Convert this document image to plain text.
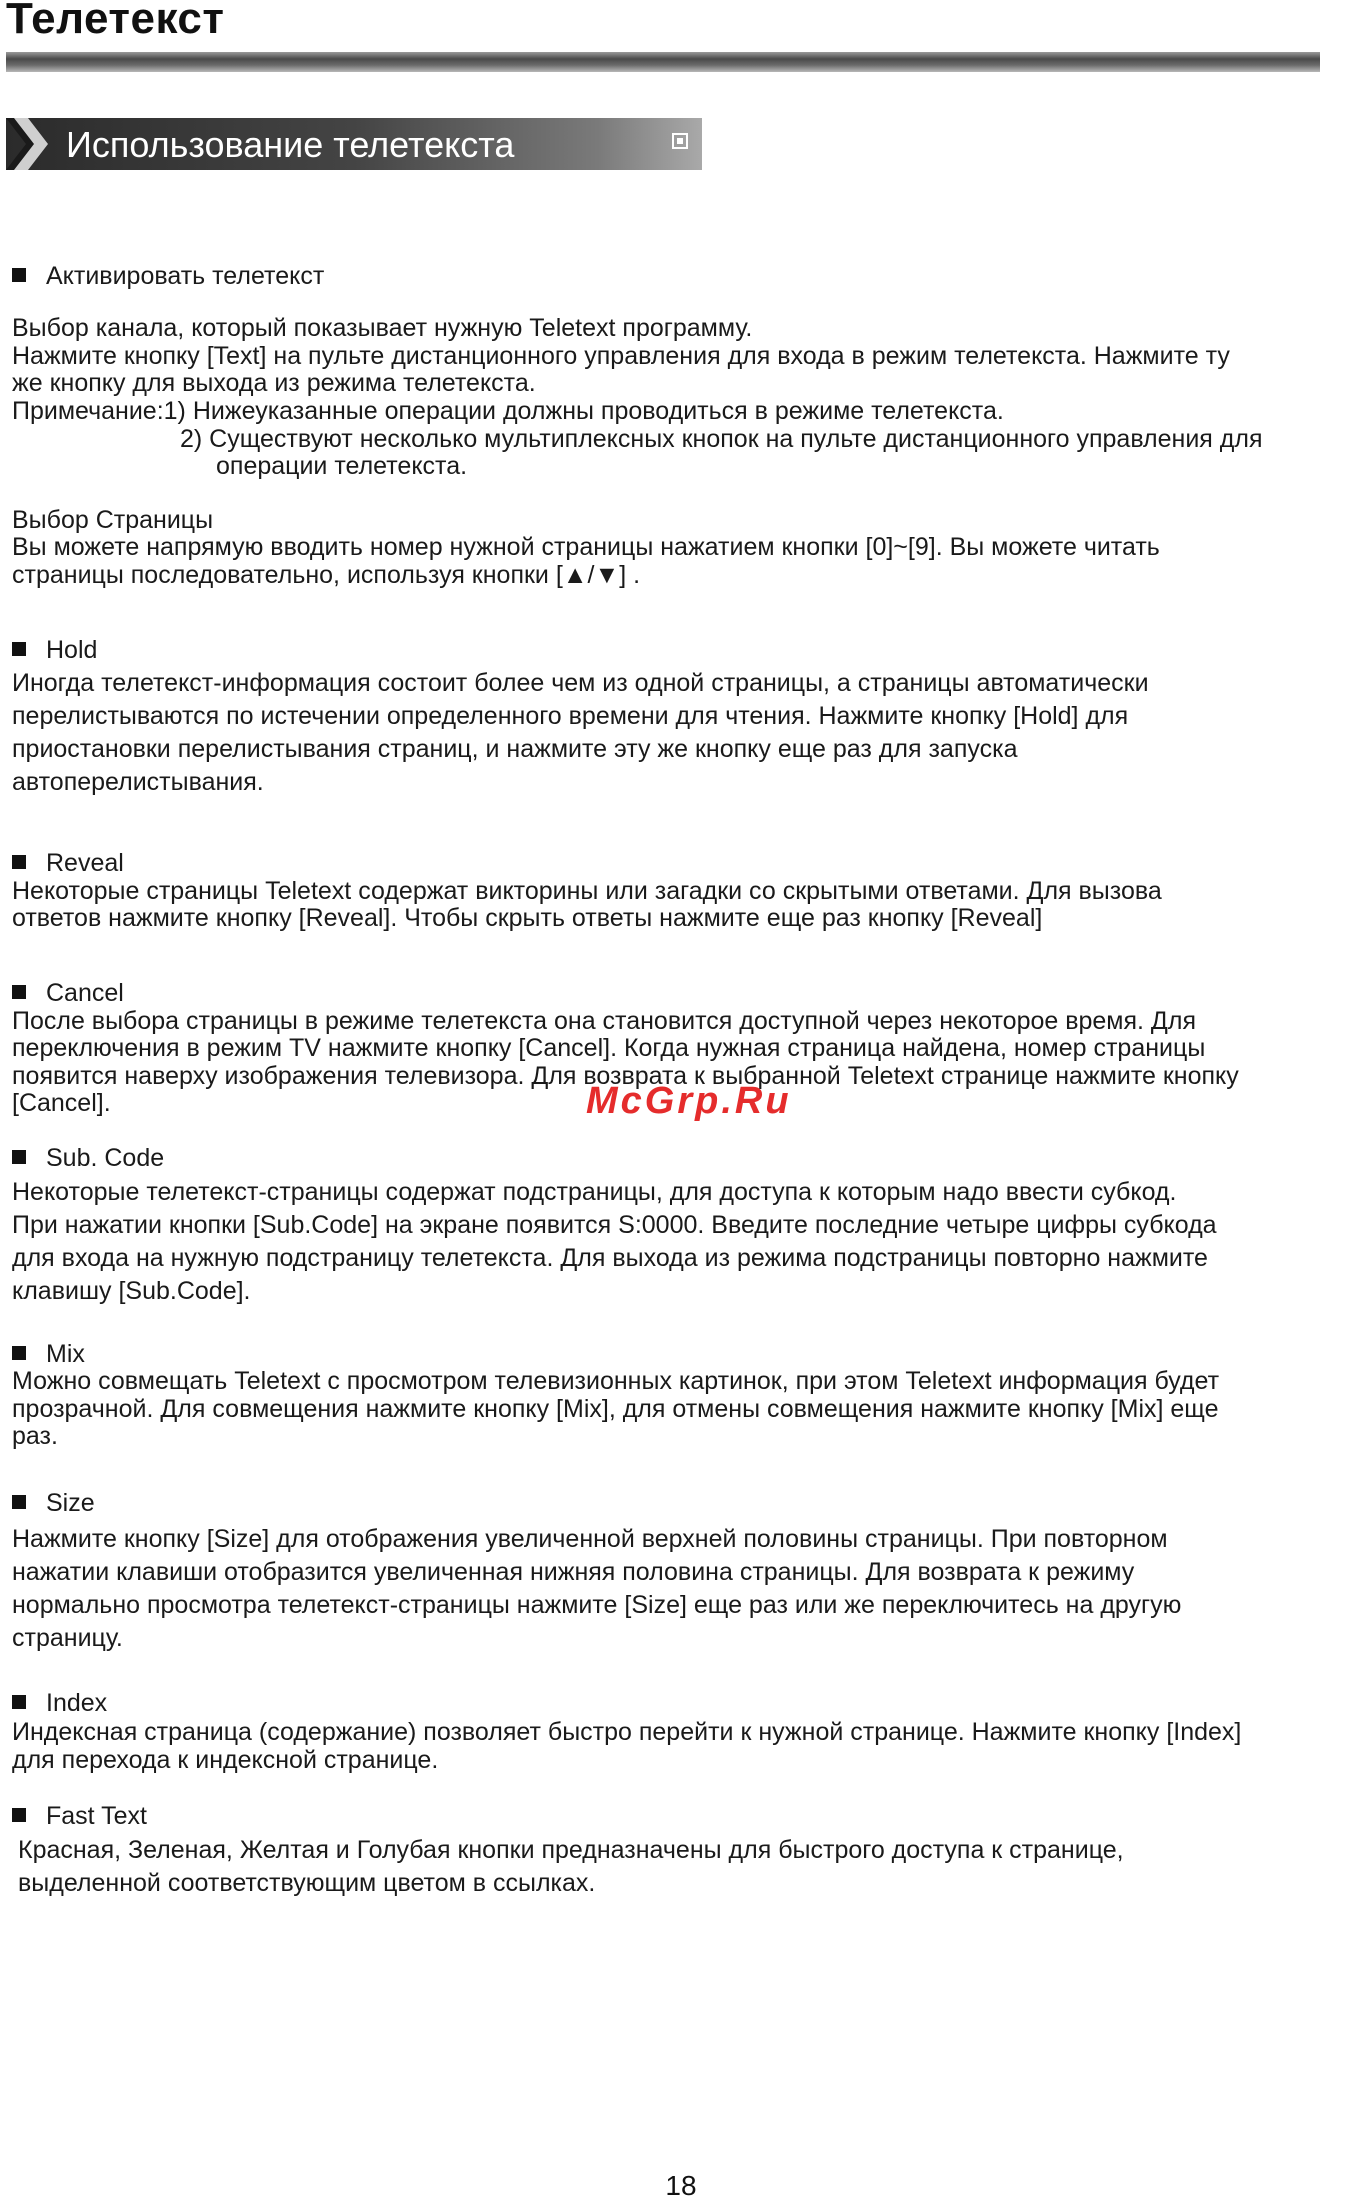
Телетекст
Использование телетекста
Активировать телетекст

Выбор канала, который показывает нужную Teletext программу.

Нажмите кнопку [Text] на пульте дистанционного управления для входа в режим телетекста. Нажмите ту

же кнопку для выхода из режима телетекста.

Примечание:1) Нижеуказанные операции должны проводиться в режиме телетекста.

2) Существуют несколько мультиплексных кнопок на пульте дистанционного управления для

операции телетекста.

Выбор Страницы

Вы можете напрямую вводить номер нужной страницы нажатием кнопки [0]~[9]. Вы можете читать

страницы последовательно, используя кнопки [▲/▼] .

Hold

Иногда телетекст-информация состоит более чем из одной страницы, а страницы автоматически

перелистываются по истечении определенного времени для чтения. Нажмите кнопку [Hold] для

приостановки перелистывания страниц, и нажмите эту же кнопку еще раз для запуска

автоперелистывания.

Reveal

Некоторые страницы Teletext содержат викторины или загадки со скрытыми ответами. Для вызова

ответов нажмите кнопку [Reveal]. Чтобы скрыть ответы нажмите еще раз кнопку [Reveal]

Cancel

После выбора страницы в режиме телетекста она становится доступной через некоторое время. Для

переключения в режим TV нажмите кнопку [Cancel]. Когда нужная страница найдена, номер страницы

появится наверху изображения телевизора. Для возврата к выбранной Teletext странице нажмите кнопку

[Cancel].	McGrp.Ru
Sub. Code

Некоторые телетекст-страницы содержат подстраницы, для доступа к которым надо ввести субкод.

При нажатии кнопки [Sub.Code] на экране появится S:0000. Введите последние четыре цифры субкода

для входа на нужную подстраницу телетекста. Для выхода из режима подстраницы повторно нажмите

клавишу [Sub.Code].

Mix

Можно совмещать Teletext с просмотром телевизионных картинок, при этом Teletext информация будет

прозрачной. Для совмещения нажмите кнопку [Mix], для отмены совмещения нажмите кнопку [Mix] еще

раз.

Size

Нажмите кнопку [Size] для отображения увеличенной верхней половины страницы. При повторном

нажатии клавиши отобразится увеличенная нижняя половина страницы. Для возврата к режиму

нормально просмотра телетекст-страницы нажмите [Size] еще раз или же переключитесь на другую

страницу.

Index

Индексная страница (содержание) позволяет быстро перейти к нужной странице. Нажмите кнопку [Index]

для перехода к индексной странице.

Fast Text

Красная, Зеленая, Желтая и Голубая кнопки предназначены для быстрого доступа к странице,

выделенной соответствующим цветом в ссылках.

18
